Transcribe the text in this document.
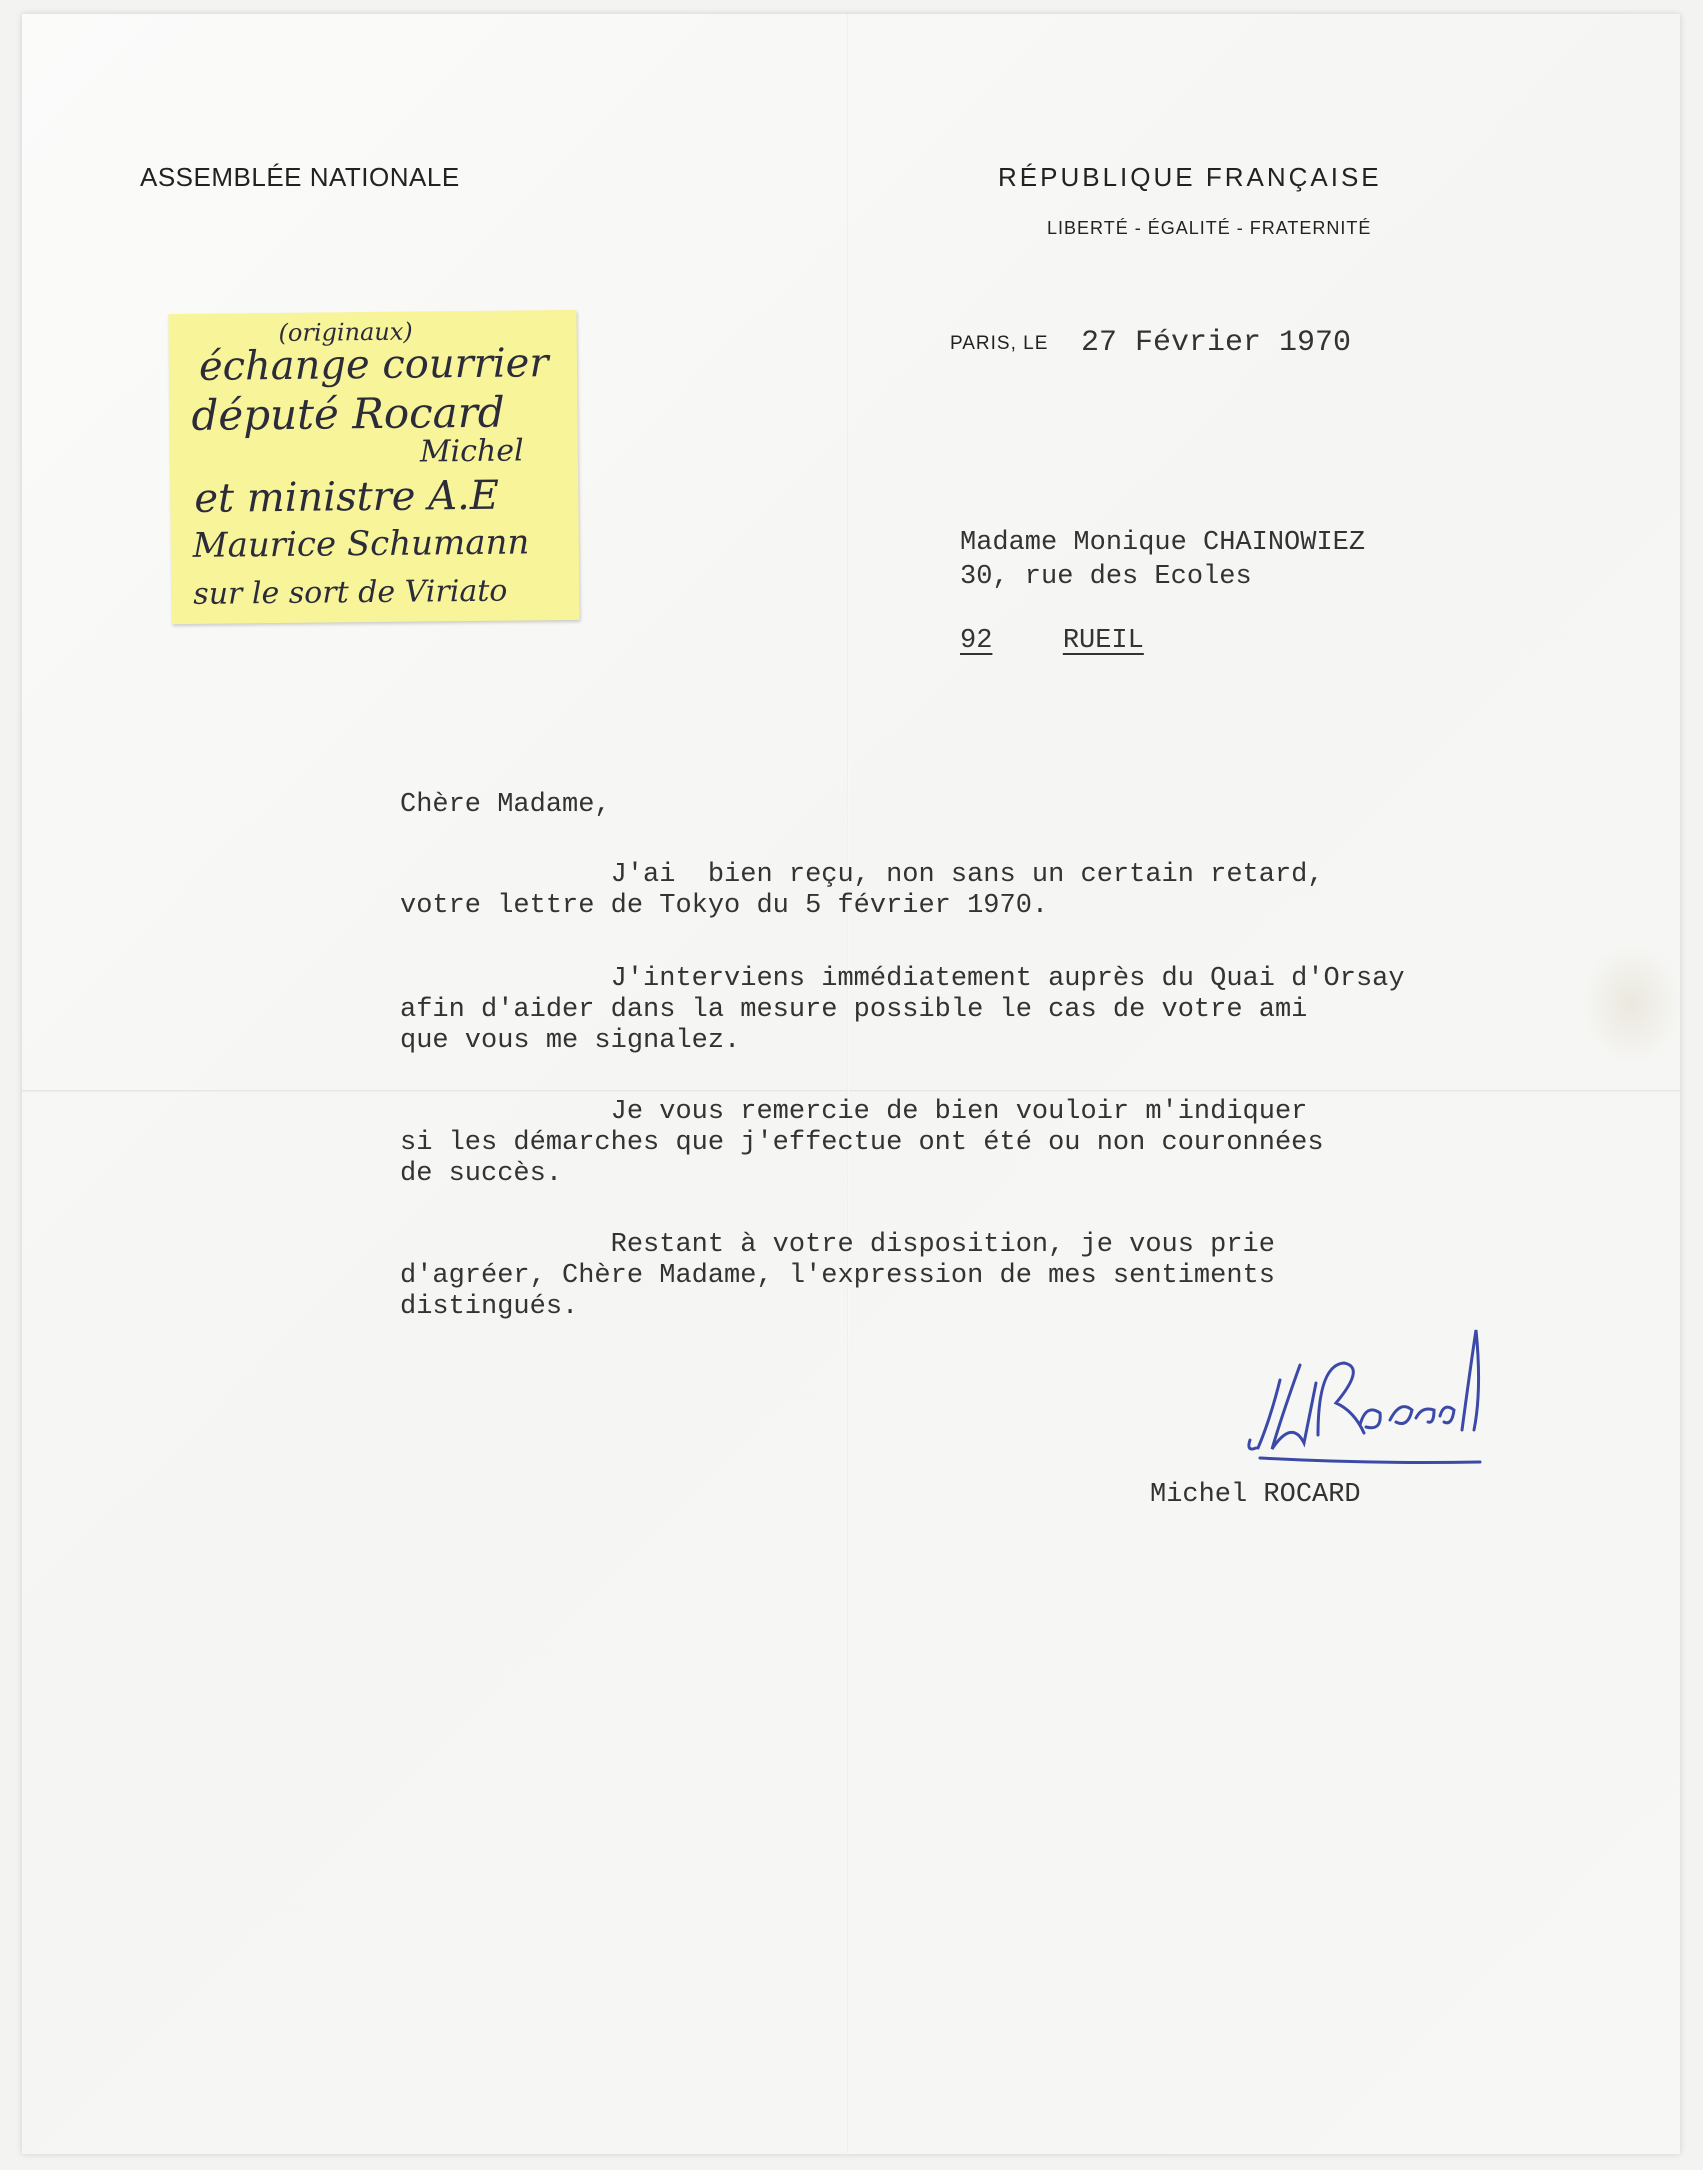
ASSEMBLÉE NATIONALE	RÉPUBLIQUE FRANÇAISE
LIBERTÉ - ÉGALITÉ - FRATERNITÉ
PARIS, LE 27 Février 1970
(originaux)
échange courrier
député Rocard
Michel
et ministre A.E
Maurice Schumann
sur le sort de Viriato
Madame Monique CHAINOWIEZ
30, rue des Ecoles
92	RUEIL
Chère Madame,
J'ai  bien reçu, non sans un certain retard,
votre lettre de Tokyo du 5 février 1970.
J'interviens immédiatement auprès du Quai d'Orsay
afin d'aider dans la mesure possible le cas de votre ami
que vous me signalez.
Je vous remercie de bien vouloir m'indiquer
si les démarches que j'effectue ont été ou non couronnées
de succès.
Restant à votre disposition, je vous prie
d'agréer, Chère Madame, l'expression de mes sentiments
distingués.
Michel ROCARD
